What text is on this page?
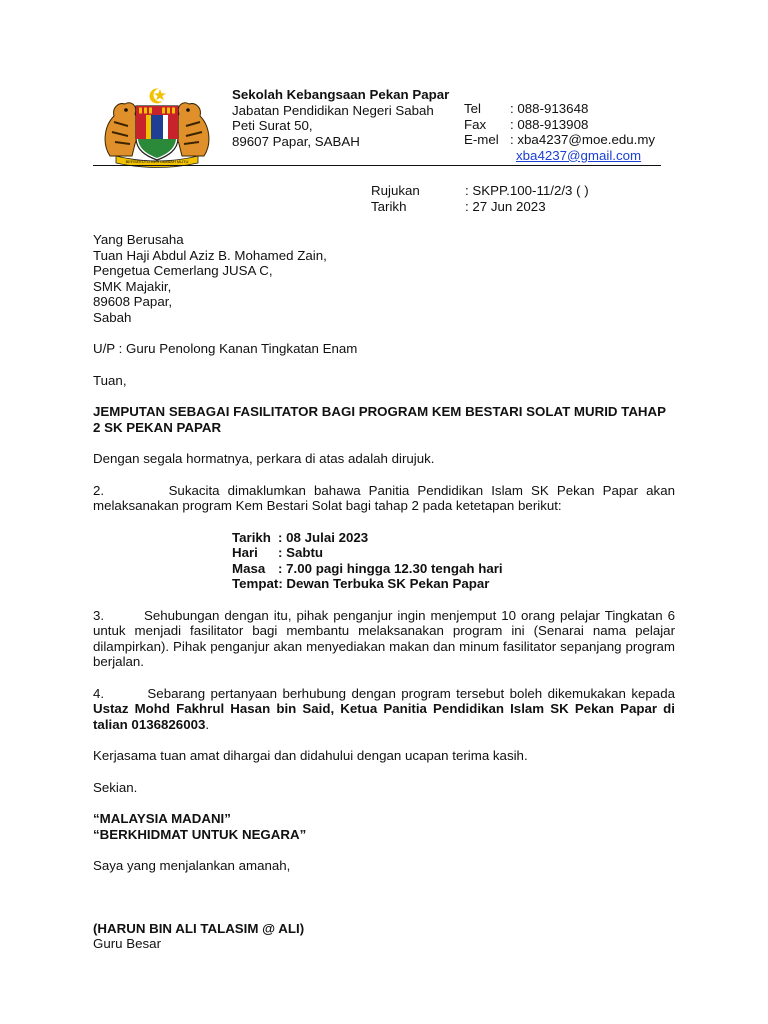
BERSEKUTU BERTAMBAH MUTU
Sekolah Kebangsaan Pekan Papar
Jabatan Pendidikan Negeri Sabah
Peti Surat 50,
89607 Papar, SABAH
Tel	: 088-913648
Fax	: 088-913908
E-mel : xba4237@moe.edu.my
xba4237@gmail.com
Rujukan	: SKPP.100-11/2/3 ( )
Tarikh	: 27 Jun 2023
Yang Berusaha
Tuan Haji Abdul Aziz B. Mohamed Zain,
Pengetua Cemerlang JUSA C,
SMK Majakir,
89608 Papar,
Sabah

U/P : Guru Penolong Kanan Tingkatan Enam

Tuan,

JEMPUTAN SEBAGAI FASILITATOR BAGI PROGRAM KEM BESTARI SOLAT MURID TAHAP 2 SK PEKAN PAPAR

Dengan segala hormatnya, perkara di atas adalah dirujuk.

2.        Sukacita dimaklumkan bahawa Panitia Pendidikan Islam SK Pekan Papar akan melaksanakan program Kem Bestari Solat bagi tahap 2 pada ketetapan berikut:

Tarikh : 08 Julai 2023
Hari	: Sabtu
Masa : 7.00 pagi hingga 12.30 tengah hari
Tempat : Dewan Terbuka SK Pekan Papar

3.        Sehubungan dengan itu, pihak penganjur ingin menjemput 10 orang pelajar Tingkatan 6 untuk menjadi fasilitator bagi membantu melaksanakan program ini (Senarai nama pelajar dilampirkan). Pihak penganjur akan menyediakan makan dan minum fasilitator sepanjang program berjalan.

4.        Sebarang pertanyaan berhubung dengan program tersebut boleh dikemukakan kepada Ustaz Mohd Fakhrul Hasan bin Said, Ketua Panitia Pendidikan Islam SK Pekan Papar di talian 0136826003.

Kerjasama tuan amat dihargai dan didahului dengan ucapan terima kasih.

Sekian.

“MALAYSIA MADANI”

“BERKHIDMAT UNTUK NEGARA”

Saya yang menjalankan amanah,

(HARUN BIN ALI TALASIM @ ALI)

Guru Besar
